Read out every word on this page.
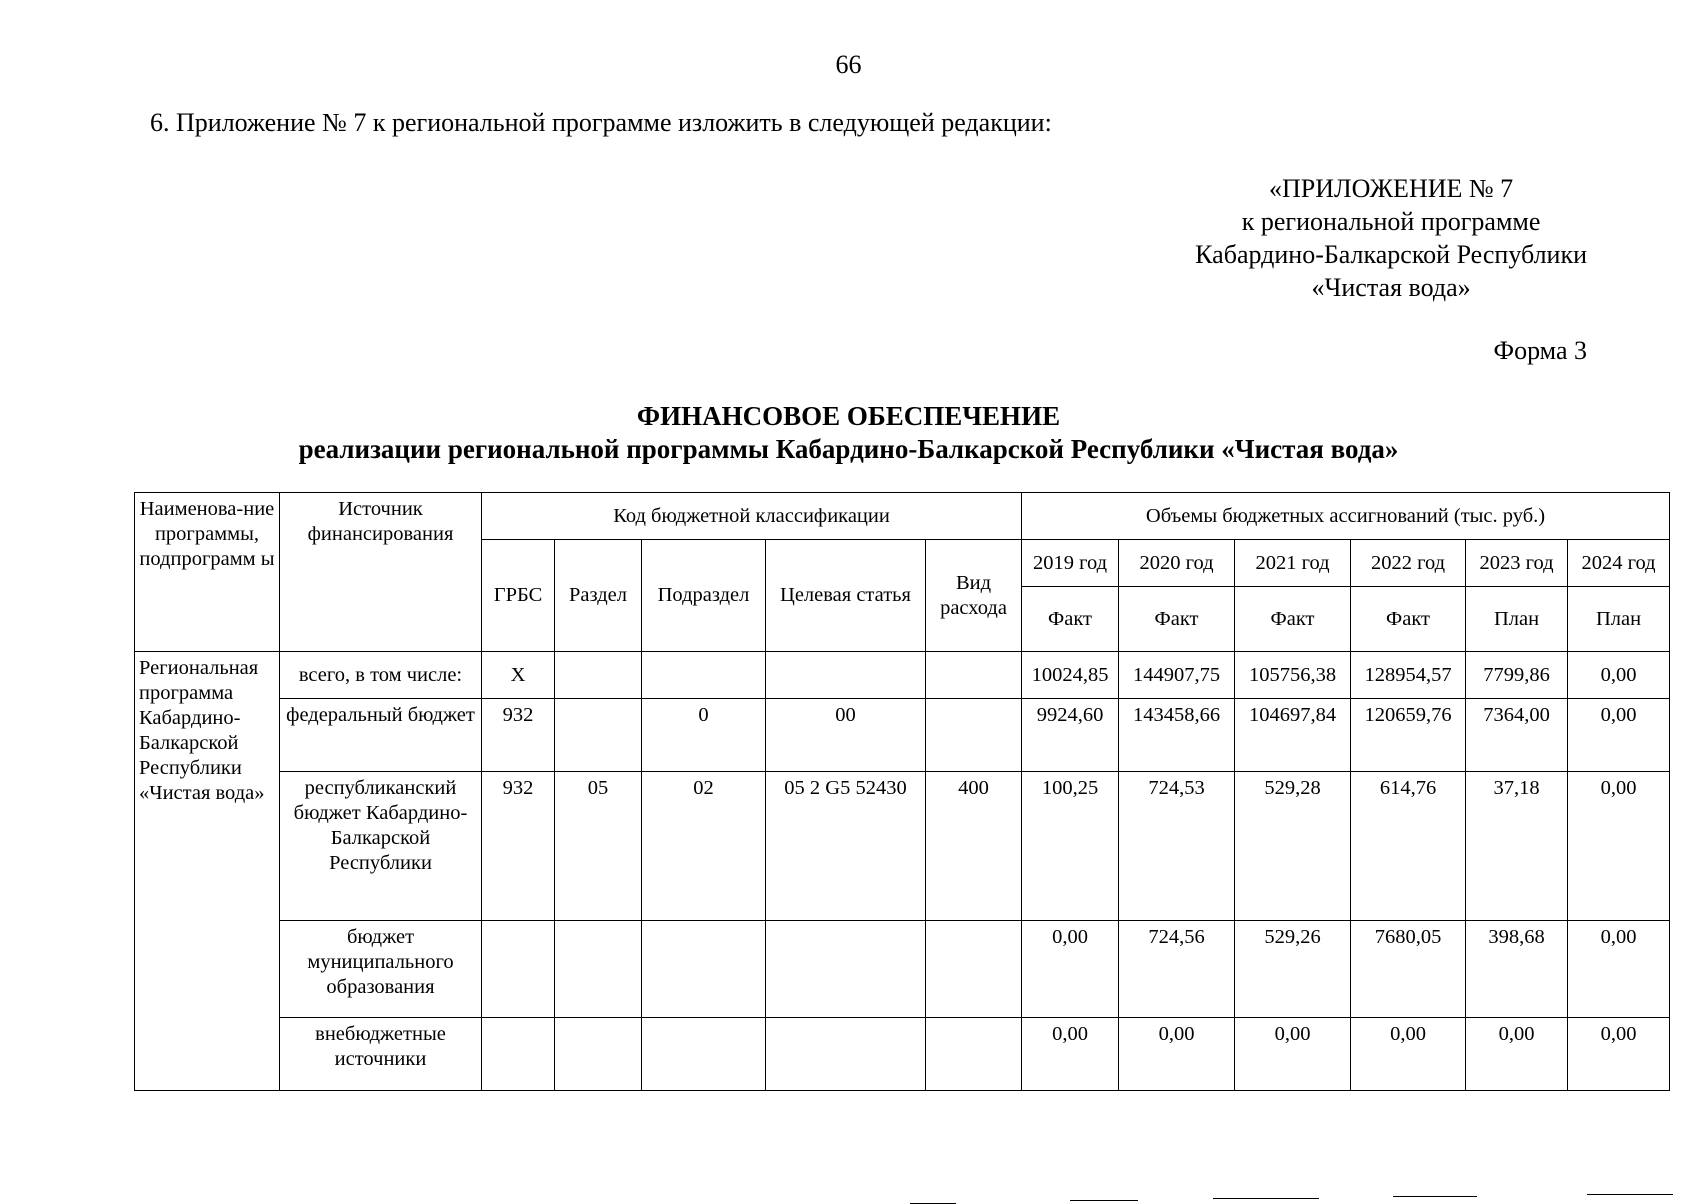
66
6. Приложение № 7 к региональной программе изложить в следующей редакции:
«ПРИЛОЖЕНИЕ № 7
к региональной программе
Кабардино-Балкарской Республики
«Чистая вода»
Форма 3
ФИНАНСОВОЕ ОБЕСПЕЧЕНИЕ
реализации региональной программы Кабардино-Балкарской Республики «Чистая вода»
Наименова-ние программы, подпрограмм ы	Источник финансирования	Код бюджетной классификации					Объемы бюджетных ассигнований (тыс. руб.)					
		ГРБС	Раздел	Подраздел	Целевая статья	Вид расхода	2019 год	2020 год	2021 год	2022 год	2023 год	2024 год
							Факт	Факт	Факт	Факт	План	План
Региональная программа Кабардино-Балкарской Республики «Чистая вода»	всего, в том числе:	Х					10024,85	144907,75	105756,38	128954,57	7799,86	0,00
	федеральный бюджет	932		0	00		9924,60	143458,66	104697,84	120659,76	7364,00	0,00
	республиканский бюджет Кабардино-Балкарской Республики	932	05	02	05 2 G5 52430	400	100,25	724,53	529,28	614,76	37,18	0,00
	бюджет муниципального образования						0,00	724,56	529,26	7680,05	398,68	0,00
	внебюджетные источники						0,00	0,00	0,00	0,00	0,00	0,00
